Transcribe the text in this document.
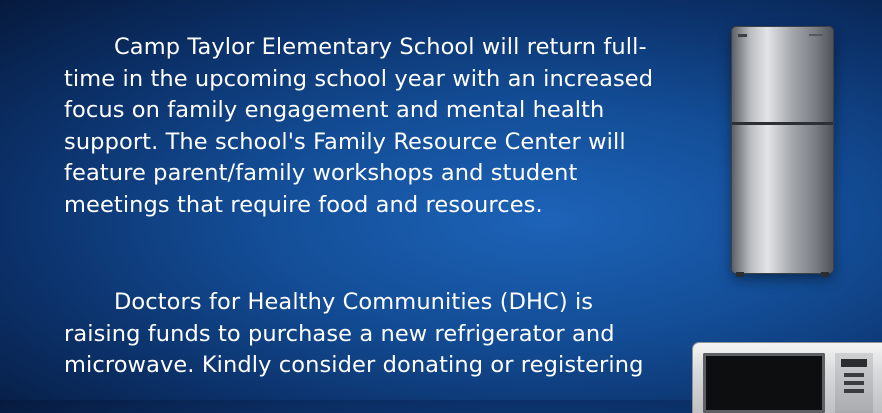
Camp Taylor Elementary School will return full-time in the upcoming school year with an increased focus on family engagement and mental health support. The school's Family Resource Center will feature parent/family workshops and student meetings that require food and resources.

Doctors for Healthy Communities (DHC) is raising funds to purchase a new refrigerator and microwave. Kindly consider donating or registering
